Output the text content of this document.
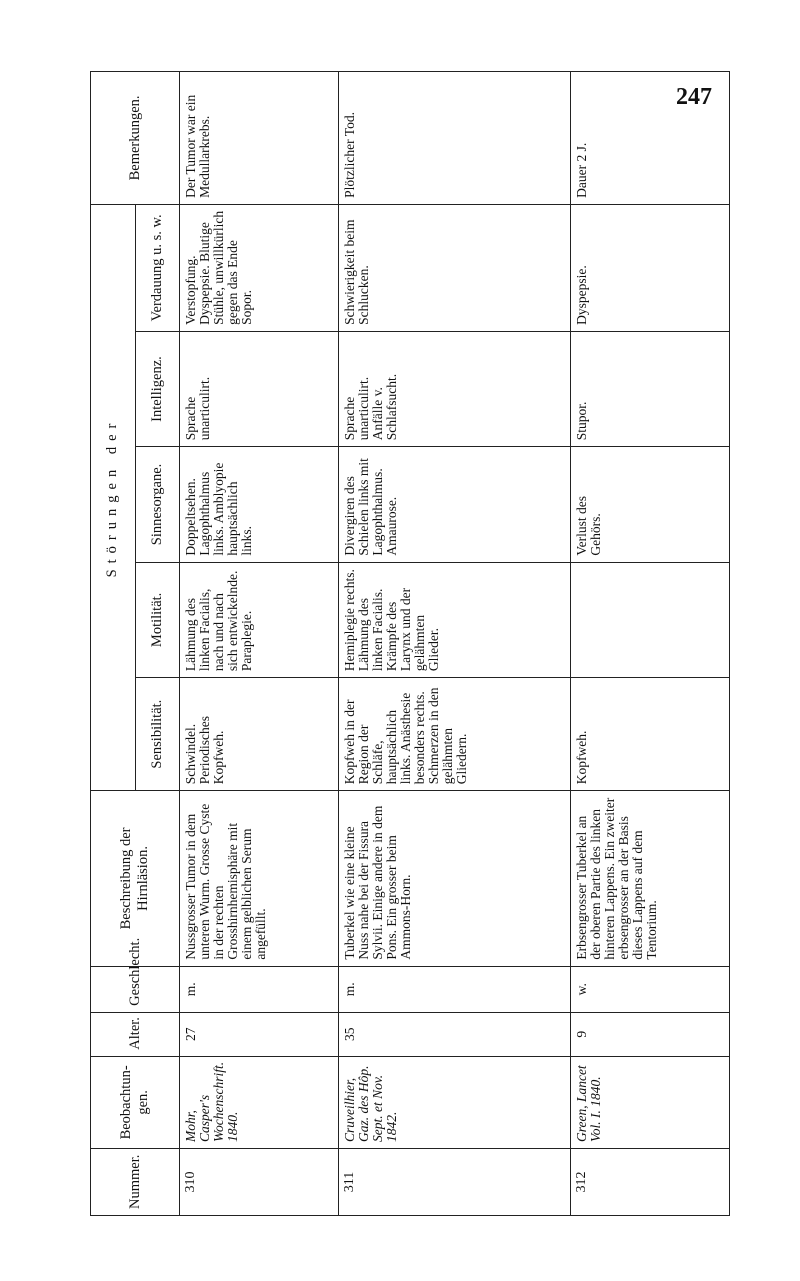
247
Nummer.	Beobachtun-gen.	Alter.	Geschlecht.	Beschreibung der Hirnläsion.	Störungen der					Bemerkungen.
					Sensibilität.	Motilität.	Sinnesorgane.	Intelligenz.	Verdauung u. s. w.	
310	Mohr, Casper's Wochenschrift. 1840.	27	m.	Nussgrosser Tumor in dem unteren Wurm. Grosse Cyste in der rechten Grosshirnhemisphäre mit einem gelblichen Serum angefüllt.	Schwindel. Periodisches Kopfweh.	Lähmung des linken Facialis, nach und nach sich entwickelnde. Paraplegie.	Doppeltsehen. Lagophthalmus links. Amblyopie hauptsächlich links.	Sprache unarticulirt.	Verstopfung. Dyspepsie. Blutige Stühle, unwillkürlich gegen das Ende Sopor.	Der Tumor war ein Medullarkrebs.
311	Cruveilhier, Gaz. des Hôp. Sept. et Nov. 1842.	35	m.	Tuberkel wie eine kleine Nuss nahe bei der Fissura Sylvii. Einige andere in dem Pons. Ein grosser beim Ammons-Horn.	Kopfweh in der Region der Schläfe, hauptsächlich links. Anästhesie besonders rechts. Schmerzen in den gelähmten Gliedern.	Hemiplegie rechts. Lähmung des linken Facialis. Krämpfe des Larynx und der gelähmten Glieder.	Divergiren des Schielen links mit Lagophthalmus. Amaurose.	Sprache unarticulirt. Anfälle v. Schlafsucht.	Schwierigkeit beim Schlucken.	Plötzlicher Tod.
312	Green, Lancet Vol. I. 1840.	9	w.	Erbsengrosser Tuberkel an der oberen Partie des linken hinteren Lappens. Ein zweiter erbsengrosser an der Basis dieses Lappens auf dem Tentorium.	Kopfweh.		Verlust des Gehörs.	Stupor.	Dyspepsie.	Dauer 2 J.
